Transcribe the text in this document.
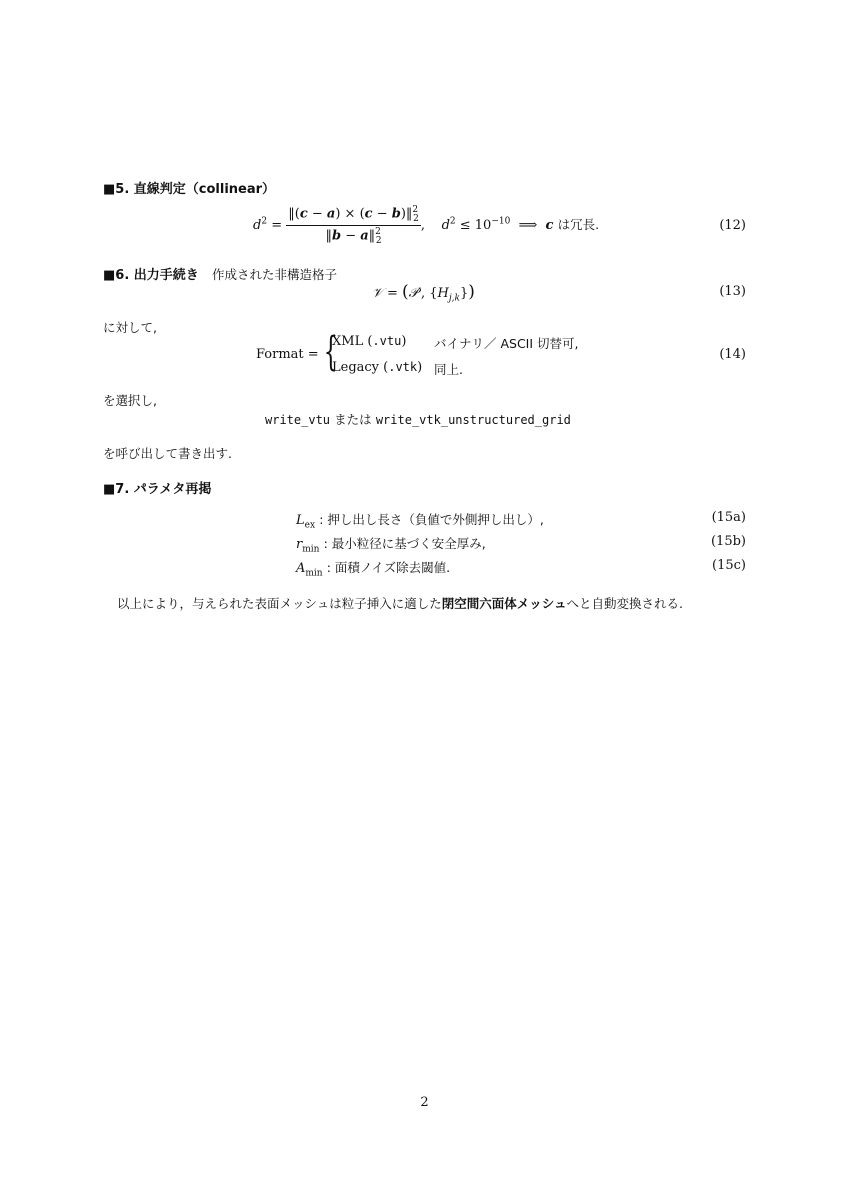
■5. 直線判定（collinear）
$d^2 = \frac{‖(c - a) \times (c - b)‖^2_2}{‖b - a‖^2_2}$ ,    $d^2 \le 10^{-10}$  ⟹  c は冗長.	(12)
■6. 出力手続き 作成された非構造格子
𝒱 = (𝒫′, $\{H_{j,k}\}$)	(13)
に対して,
Format = {
XML (.vtu) バイナリ／ ASCII 切替可,
Legacy (.vtk) 同上.
(14)
を選択し,
write_vtu または write_vtk_unstructured_grid
を呼び出して書き出す.
■7. パラメタ再掲
$L_{ex}$ : 押し出し長さ（負値で外側押し出し）,	(15a)
$r_{min}$ : 最小粒径に基づく安全厚み,	(15b)
$A_{min}$ : 面積ノイズ除去閾値.	(15c)
以上により，与えられた表面メッシュは粒子挿入に適した閉空間六面体メッシュへと自動変換される.
2
